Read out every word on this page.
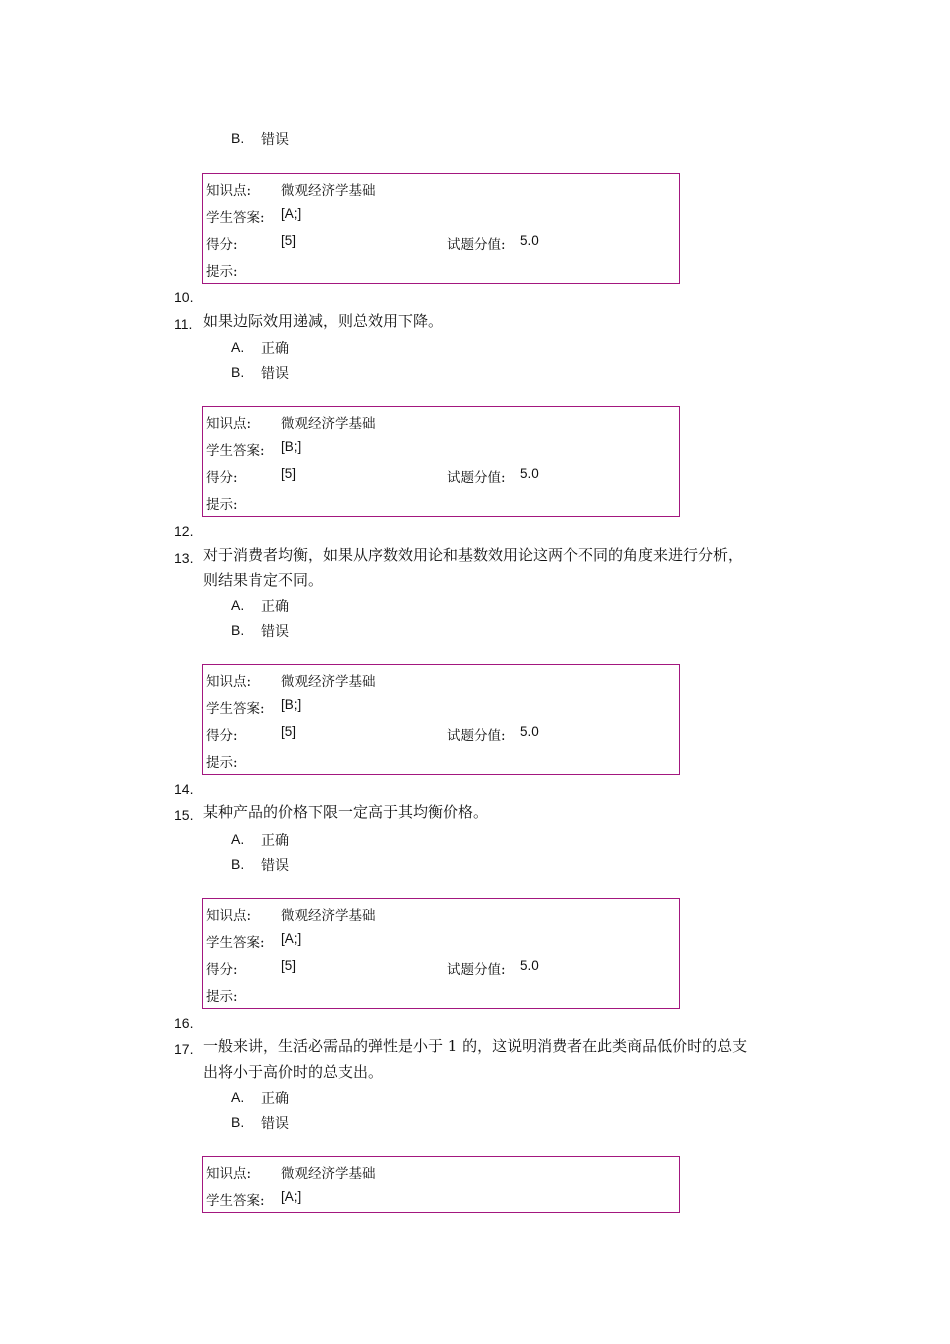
B. 错误
知识点: 微观经济学基础
学生答案: [A;]
得分:	[5]	试题分值: 5.0
提示:
10.
11. 如果边际效用递减，则总效用下降。
A. 正确
B. 错误
知识点: 微观经济学基础
学生答案: [B;]
得分:	[5]	试题分值: 5.0
提示:
12.
13. 对于消费者均衡，如果从序数效用论和基数效用论这两个不同的角度来进行分析，
则结果肯定不同。
A. 正确
B. 错误
知识点: 微观经济学基础
学生答案: [B;]
得分:	[5]	试题分值: 5.0
提示:
14.
15. 某种产品的价格下限一定高于其均衡价格。
A. 正确
B. 错误
知识点: 微观经济学基础
学生答案: [A;]
得分:	[5]	试题分值: 5.0
提示:
16.
17. 一般来讲，生活必需品的弹性是小于 1 的，这说明消费者在此类商品低价时的总支
出将小于高价时的总支出。
A. 正确
B. 错误
知识点: 微观经济学基础
学生答案: [A;]
